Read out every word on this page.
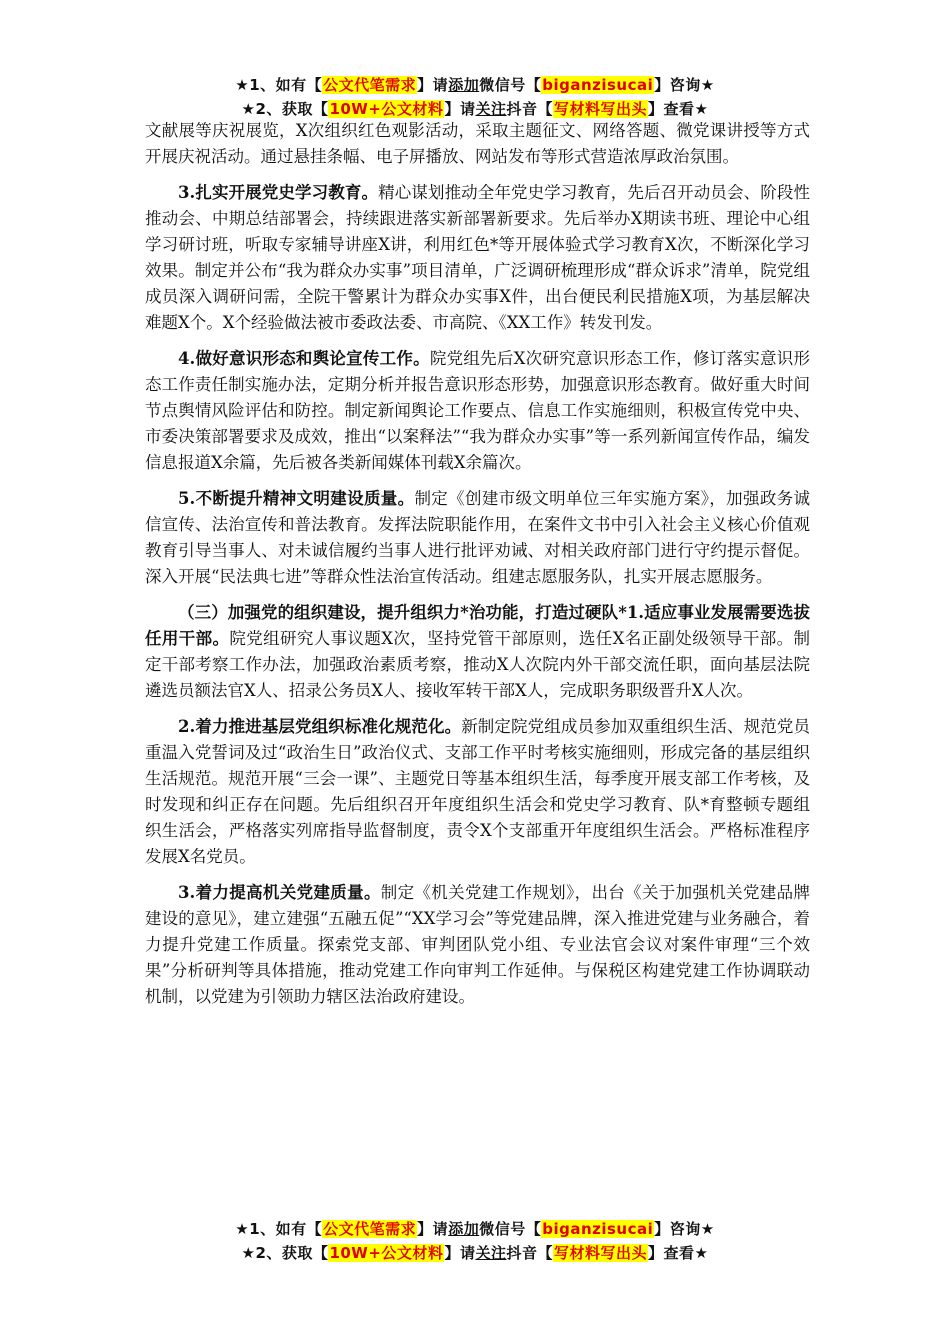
★1、如有【公文代笔需求】请添加微信号【biganzisucai】咨询★
★2、获取【10W+公文材料】请关注抖音【写材料写出头】查看★

文献展等庆祝展览，X次组织红色观影活动，采取主题征文、网络答题、微党课讲授等方式开展庆祝活动。通过悬挂条幅、电子屏播放、网站发布等形式营造浓厚政治氛围。

3.扎实开展党史学习教育。精心谋划推动全年党史学习教育，先后召开动员会、阶段性推动会、中期总结部署会，持续跟进落实新部署新要求。先后举办X期读书班、理论中心组学习研讨班，听取专家辅导讲座X讲，利用红色*等开展体验式学习教育X次，不断深化学习效果。制定并公布“我为群众办实事”项目清单，广泛调研梳理形成“群众诉求”清单，院党组成员深入调研问需，全院干警累计为群众办实事X件，出台便民利民措施X项，为基层解决难题X个。X个经验做法被市委政法委、市高院、《XX工作》转发刊发。

4.做好意识形态和舆论宣传工作。院党组先后X次研究意识形态工作，修订落实意识形态工作责任制实施办法，定期分析并报告意识形态形势，加强意识形态教育。做好重大时间节点舆情风险评估和防控。制定新闻舆论工作要点、信息工作实施细则，积极宣传党中央、市委决策部署要求及成效，推出“以案释法”“我为群众办实事”等一系列新闻宣传作品，编发信息报道X余篇，先后被各类新闻媒体刊载X余篇次。

5.不断提升精神文明建设质量。制定《创建市级文明单位三年实施方案》，加强政务诚信宣传、法治宣传和普法教育。发挥法院职能作用，在案件文书中引入社会主义核心价值观教育引导当事人、对未诚信履约当事人进行批评劝诫、对相关政府部门进行守约提示督促。深入开展“民法典七进”等群众性法治宣传活动。组建志愿服务队，扎实开展志愿服务。

（三）加强党的组织建设，提升组织力*治功能，打造过硬队*1.适应事业发展需要选拔任用干部。院党组研究人事议题X次，坚持党管干部原则，选任X名正副处级领导干部。制定干部考察工作办法，加强政治素质考察，推动X人次院内外干部交流任职，面向基层法院遴选员额法官X人、招录公务员X人、接收军转干部X人，完成职务职级晋升X人次。

2.着力推进基层党组织标准化规范化。新制定院党组成员参加双重组织生活、规范党员重温入党誓词及过“政治生日”政治仪式、支部工作平时考核实施细则，形成完备的基层组织生活规范。规范开展“三会一课”、主题党日等基本组织生活，每季度开展支部工作考核，及时发现和纠正存在问题。先后组织召开年度组织生活会和党史学习教育、队*育整顿专题组织生活会，严格落实列席指导监督制度，责令X个支部重开年度组织生活会。严格标准程序发展X名党员。

3.着力提高机关党建质量。制定《机关党建工作规划》，出台《关于加强机关党建品牌建设的意见》，建立建强“五融五促”“XX学习会”等党建品牌，深入推进党建与业务融合，着力提升党建工作质量。探索党支部、审判团队党小组、专业法官会议对案件审理“三个效果”分析研判等具体措施，推动党建工作向审判工作延伸。与保税区构建党建工作协调联动机制，以党建为引领助力辖区法治政府建设。

★1、如有【公文代笔需求】请添加微信号【biganzisucai】咨询★
★2、获取【10W+公文材料】请关注抖音【写材料写出头】查看★
